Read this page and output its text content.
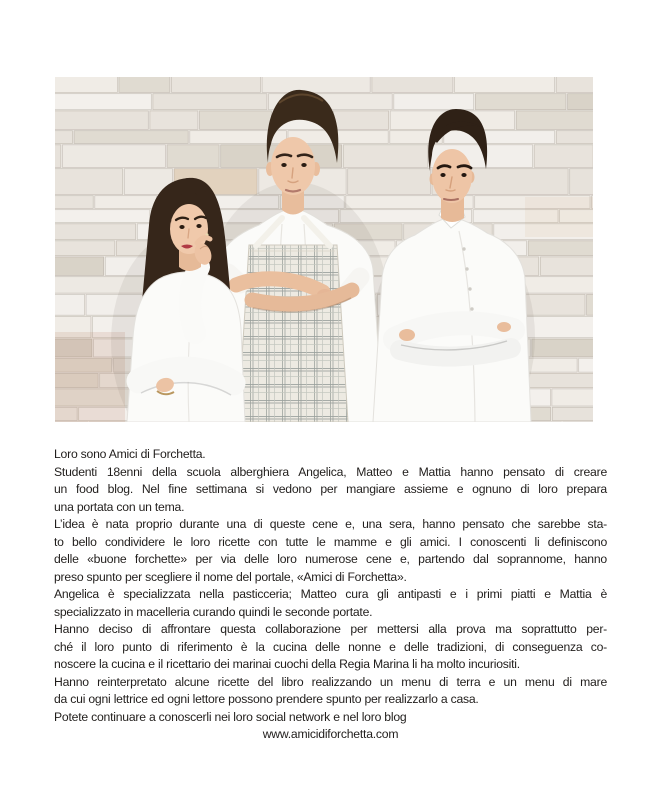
Loro sono Amici di Forchetta.
Studenti 18enni della scuola alberghiera Angelica, Matteo e Mattia hanno pensato di creare
un food blog. Nel fine settimana si vedono per mangiare assieme e ognuno di loro prepara
una portata con un tema.
L’idea è nata proprio durante una di queste cene e, una sera, hanno pensato che sarebbe sta-
to bello condividere le loro ricette con tutte le mamme e gli amici. I conoscenti li definiscono
delle «buone forchette» per via delle loro numerose cene e, partendo dal soprannome, hanno
preso spunto per scegliere il nome del portale, «Amici di Forchetta».
Angelica è specializzata nella pasticceria; Matteo cura gli antipasti e i primi piatti e Mattia è
specializzato in macelleria curando quindi le seconde portate.
Hanno deciso di affrontare questa collaborazione per mettersi alla prova ma soprattutto per-
ché il loro punto di riferimento è la cucina delle nonne e delle tradizioni, di conseguenza co-
noscere la cucina e il ricettario dei marinai cuochi della Regia Marina li ha molto incuriositi.
Hanno reinterpretato alcune ricette del libro realizzando un menu di terra e un menu di mare
da cui ogni lettrice ed ogni lettore possono prendere spunto per realizzarlo a casa.
Potete continuare a conoscerli nei loro social network e nel loro blog
www.amicidiforchetta.com
